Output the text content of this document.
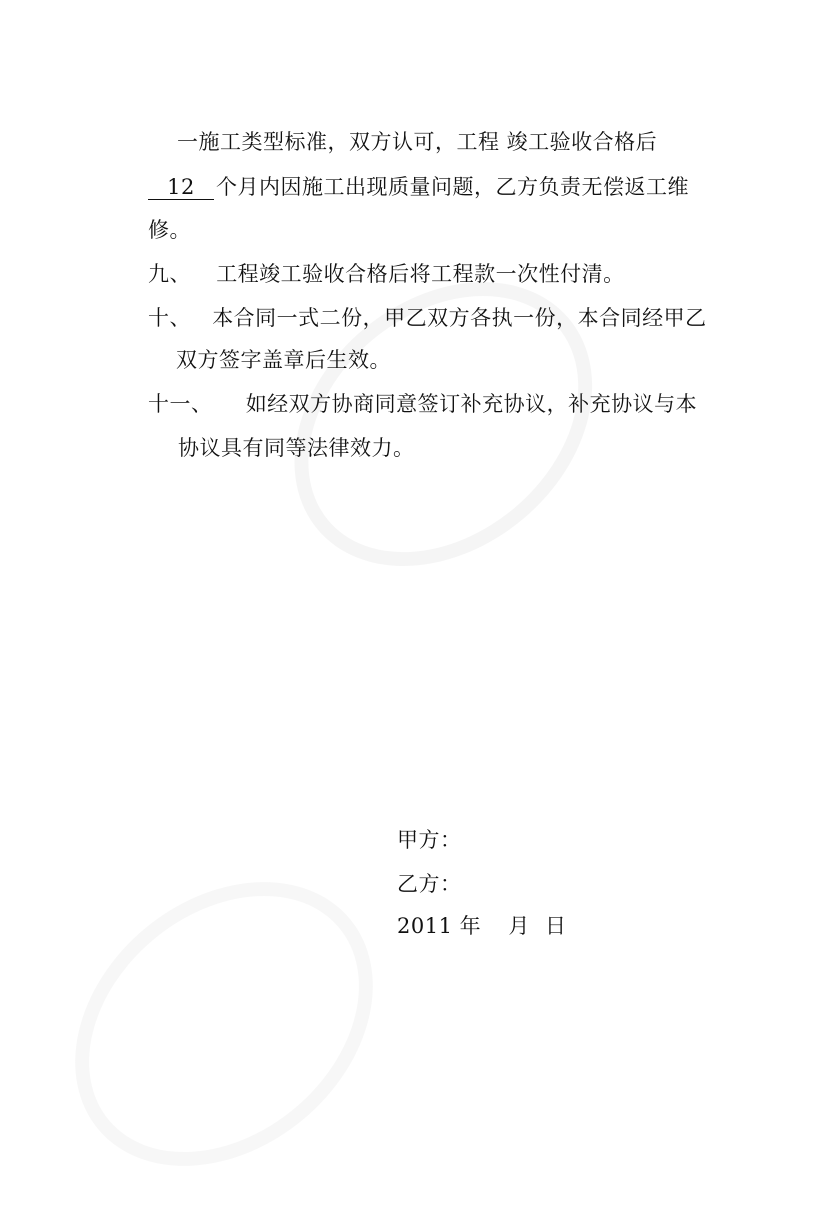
一施工类型标准，双方认可，工程 竣工验收合格后
12 个月内因施工出现质量问题，乙方负责无偿返工维
修。
九、 工程竣工验收合格后将工程款一次性付清。
十、 本合同一式二份，甲乙双方各执一份，本合同经甲乙
双方签字盖章后生效。
十一、 如经双方协商同意签订补充协议，补充协议与本
协议具有同等法律效力。
甲方：
乙方：
2011 年 月 日
